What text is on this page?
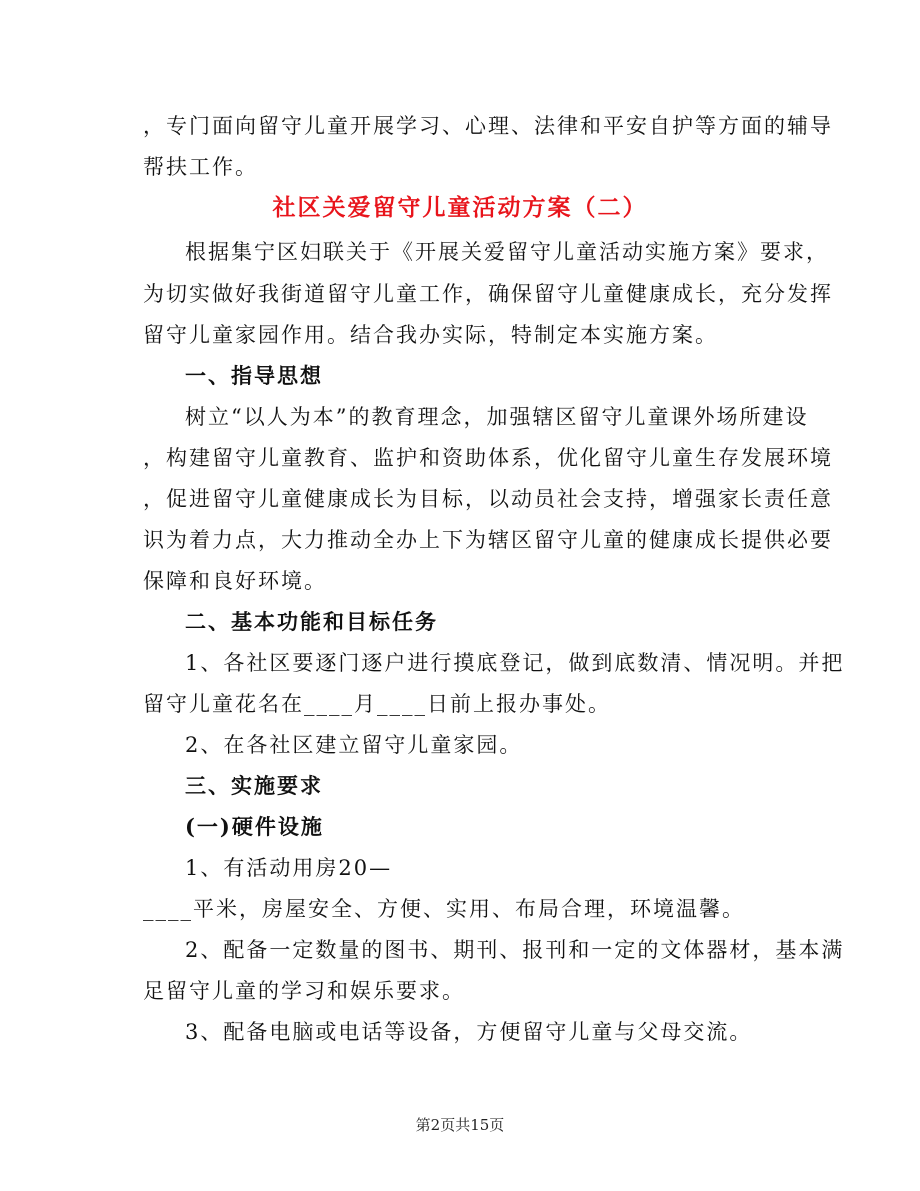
，专门面向留守儿童开展学习、心理、法律和平安自护等方面的辅导
帮扶工作。
社区关爱留守儿童活动方案（二）
根据集宁区妇联关于《开展关爱留守儿童活动实施方案》要求，
为切实做好我街道留守儿童工作，确保留守儿童健康成长，充分发挥
留守儿童家园作用。结合我办实际，特制定本实施方案。
一、指导思想
树立“以人为本”的教育理念，加强辖区留守儿童课外场所建设
，构建留守儿童教育、监护和资助体系，优化留守儿童生存发展环境
，促进留守儿童健康成长为目标，以动员社会支持，增强家长责任意
识为着力点，大力推动全办上下为辖区留守儿童的健康成长提供必要
保障和良好环境。
二、基本功能和目标任务
1、各社区要逐门逐户进行摸底登记，做到底数清、情况明。并把
留守儿童花名在____月____日前上报办事处。
2、在各社区建立留守儿童家园。
三、实施要求
(一)硬件设施
1、有活动用房20—
____平米，房屋安全、方便、实用、布局合理，环境温馨。
2、配备一定数量的图书、期刊、报刊和一定的文体器材，基本满
足留守儿童的学习和娱乐要求。
3、配备电脑或电话等设备，方便留守儿童与父母交流。
第2页共15页
